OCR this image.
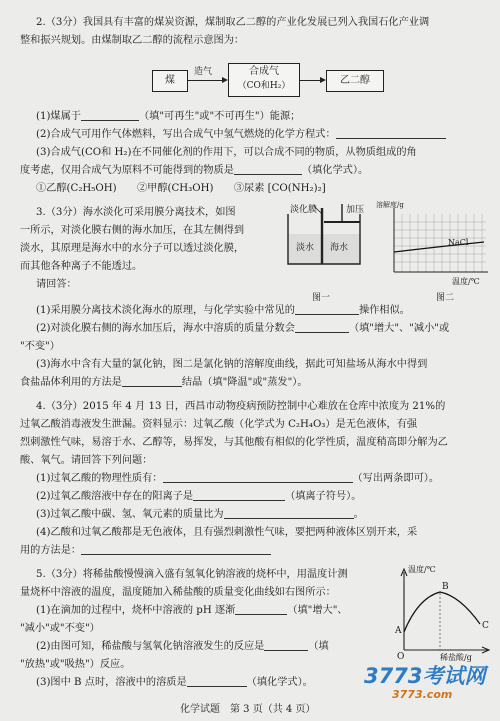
2.（3分）我国具有丰富的煤炭资源，煤制取乙二醇的产业化发展已列入我国石化产业调
整和振兴规划。由煤制取乙二醇的流程示意图为：
煤
造气	合成气
（CO和H₂）	乙二醇
(1)煤属于	（填"可再生"或"不可再生"）能源；
(2)合成气可用作气体燃料，写出合成气中氢气燃烧的化学方程式：
(3)合成气(CO和 H₂)在不同催化剂的作用下，可以合成不同的物质，从物质组成的角
度考虑，仅用合成气为原料不可能得到的物质是	（填化学式）。
①乙醇(C₂H₅OH)　　②甲醇(CH₃OH)　　③尿素 [CO(NH₂)₂]
3.（3分）海水淡化可采用膜分离技术，如图
一所示，对淡化膜右侧的海水加压，在其左侧得到
淡水，其原理是海水中的水分子可以透过淡化膜，
而其他各种离子不能透过。
请回答：
淡化膜	加压
淡水 海水
图一
溶解度/g
NaCl
温度/℃
图二
(1)采用膜分离技术淡化海水的原理，与化学实验中常见的	操作相似。
(2)对淡化膜右侧的海水加压后，海水中溶质的质量分数会	（填"增大"、"减小"或
"不变"）
(3)海水中含有大量的氯化钠，图二是氯化钠的溶解度曲线，据此可知盐场从海水中得到
食盐晶体利用的方法是	结晶（填"降温"或"蒸发"）。
4.（3分）2015 年 4 月 13 日，西昌市动物疫病预防控制中心难放在仓库中浓度为 21%的
过氧乙酸消毒液发生泄漏。资料显示：过氧乙酸（化学式为 C₂H₄O₃）是无色液体，有强
烈刺激性气味，易溶于水、乙醇等，易挥发，与其他酸有相似的化学性质，温度稍高即分解为乙
酸、氧气。请回答下列问题：
(1)过氧乙酸的物理性质有：	（写出两条即可）。
(2)过氧乙酸溶液中存在的阳离子是	（填离子符号）。
(3)过氧乙酸中碳、氢、氧元素的质量比为	。
(4)乙酸和过氧乙酸都是无色液体，且有强烈刺激性气味，要把两种液体区别开来，采
用的方法是：
5.（3分）将稀盐酸慢慢滴入盛有氢氧化钠溶液的烧杯中，用温度计测
量烧杯中溶液的温度，温度随加入稀盐酸的质量变化曲线如右图所示：
(1)在滴加的过程中，烧杯中溶液的 pH 逐渐	（填"增大"、
"减小"或"不变"）
(2)由图可知，稀盐酸与氢氧化钠溶液发生的反应是	（填
"放热"或"吸热"）反应。
(3)图中 B 点时，溶液中的溶质是	（填化学式）。
温度/℃
B
A	C
O	稀盐酸/g
化学试题　 第 3 页（共 4 页）
3773考试网
3773.com
